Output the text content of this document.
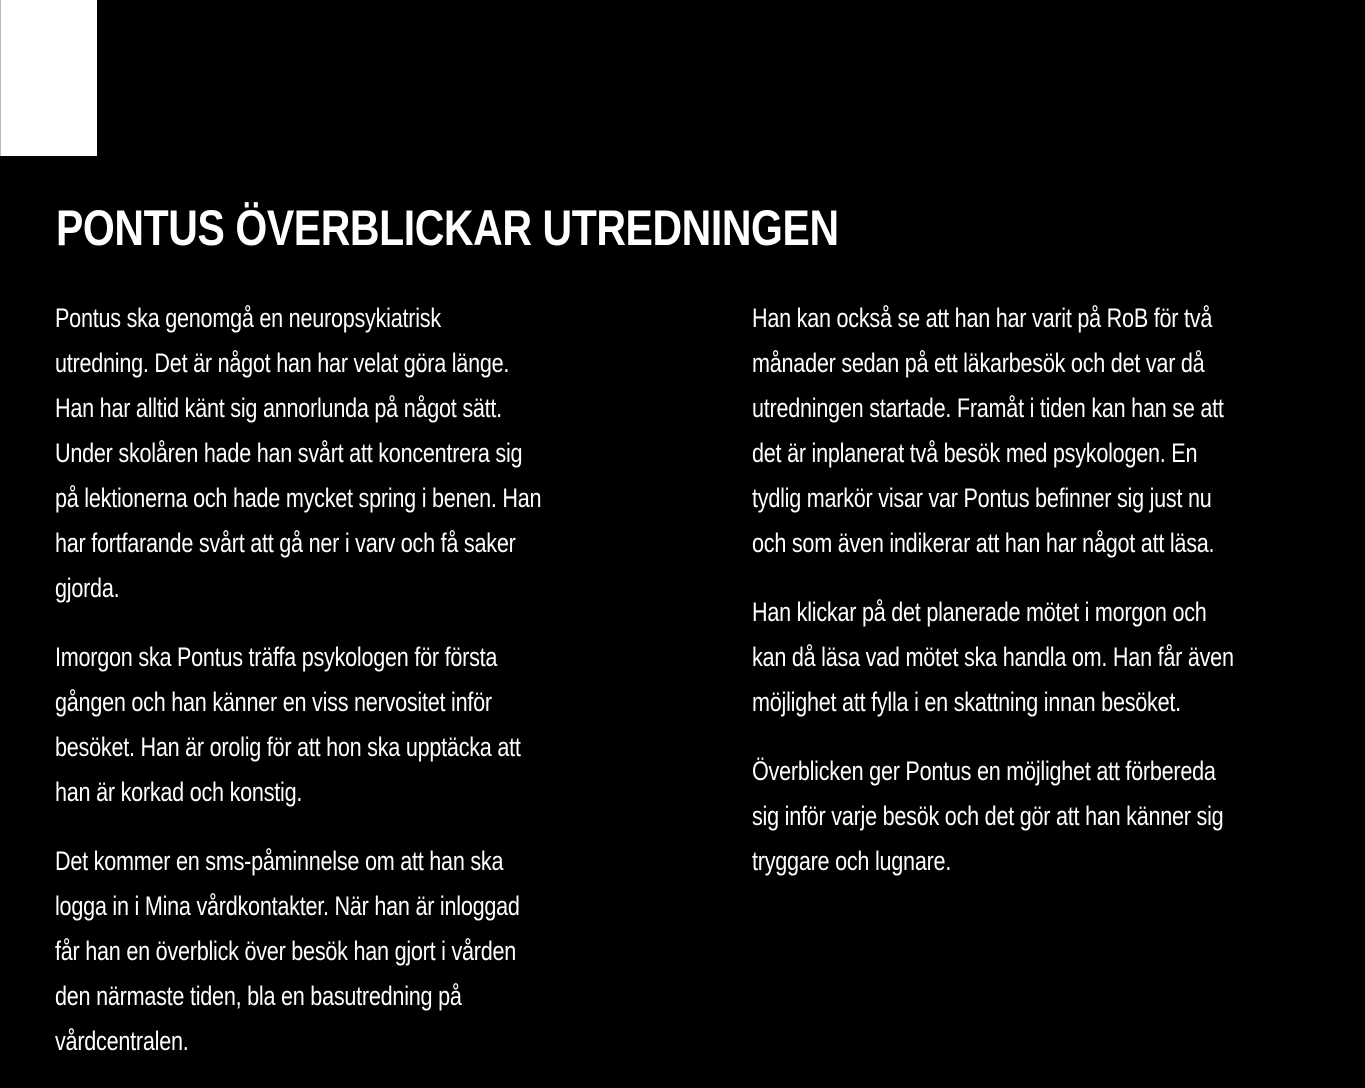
PONTUS ÖVERBLICKAR UTREDNINGEN

Pontus ska genomgå en neuropsykiatrisk
utredning. Det är något han har velat göra länge.
Han har alltid känt sig annorlunda på något sätt.
Under skolåren hade han svårt att koncentrera sig
på lektionerna och hade mycket spring i benen. Han
har fortfarande svårt att gå ner i varv och få saker
gjorda.

Imorgon ska Pontus träffa psykologen för första
gången och han känner en viss nervositet inför
besöket. Han är orolig för att hon ska upptäcka att
han är korkad och konstig.

Det kommer en sms-påminnelse om att han ska
logga in i Mina vårdkontakter. När han är inloggad
får han en överblick över besök han gjort i vården
den närmaste tiden, bla en basutredning på
vårdcentralen.

Han kan också se att han har varit på RoB för två
månader sedan på ett läkarbesök och det var då
utredningen startade. Framåt i tiden kan han se att
det är inplanerat två besök med psykologen. En
tydlig markör visar var Pontus befinner sig just nu
och som även indikerar att han har något att läsa.

Han klickar på det planerade mötet i morgon och
kan då läsa vad mötet ska handla om. Han får även
möjlighet att fylla i en skattning innan besöket.

Överblicken ger Pontus en möjlighet att förbereda
sig inför varje besök och det gör att han känner sig
tryggare och lugnare.
